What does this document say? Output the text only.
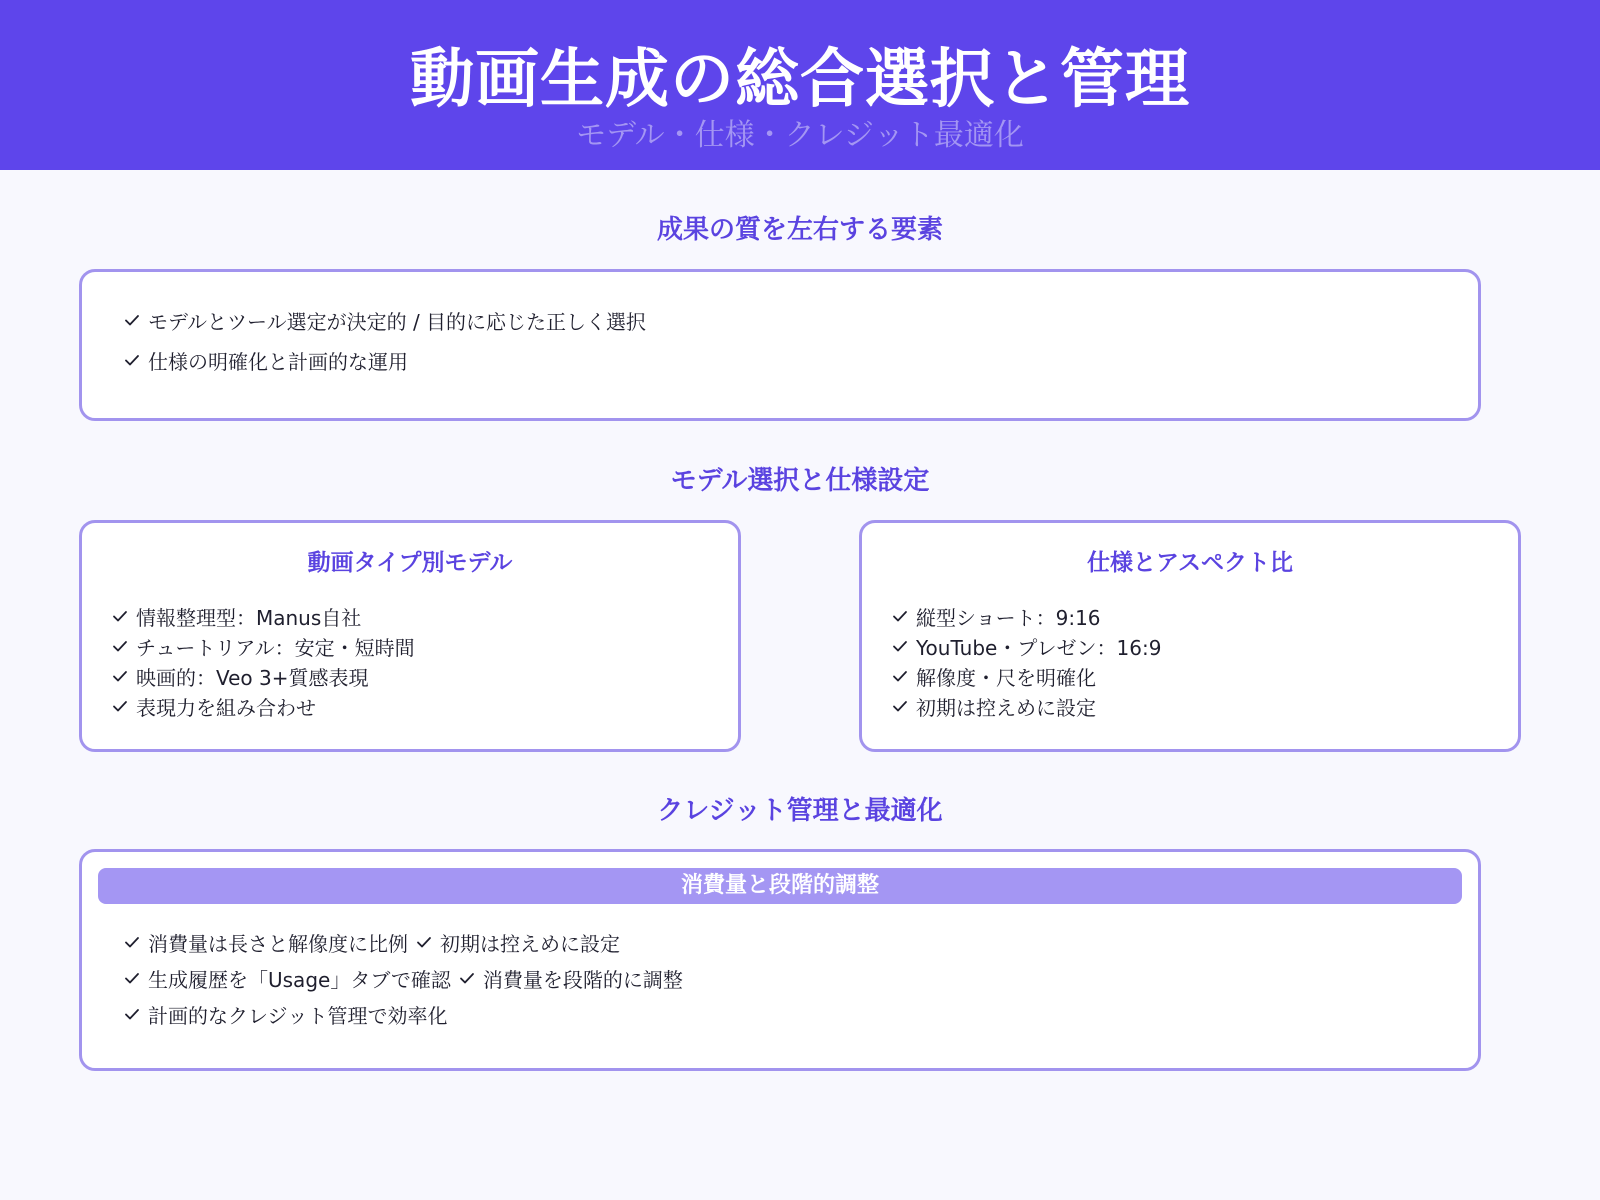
動画生成の総合選択と管理
モデル・仕様・クレジット最適化
成果の質を左右する要素
モデルとツール選定が決定的 / 目的に応じた正しく選択
仕様の明確化と計画的な運用
モデル選択と仕様設定
動画タイプ別モデル
情報整理型：Manus自社
チュートリアル：安定・短時間
映画的：Veo 3+質感表現
表現力を組み合わせ
仕様とアスペクト比
縦型ショート：9:16
YouTube・プレゼン：16:9
解像度・尺を明確化
初期は控えめに設定
クレジット管理と最適化
消費量と段階的調整
消費量は長さと解像度に比例 初期は控えめに設定
生成履歴を「Usage」タブで確認 消費量を段階的に調整
計画的なクレジット管理で効率化
